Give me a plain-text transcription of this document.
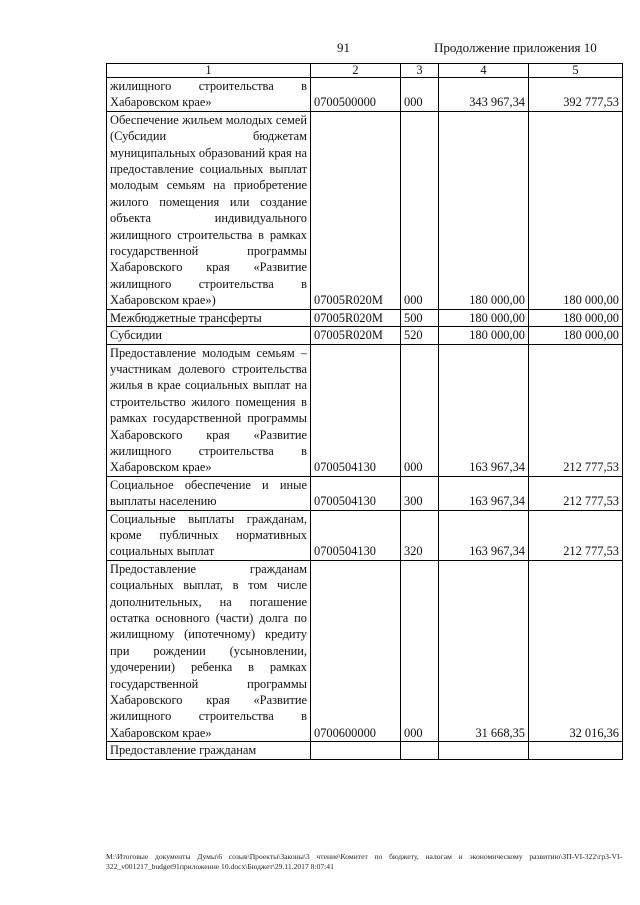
91	Продолжение приложения 10
1	2	3	4	5
жилищного строительства в Хабаровском крае»	0700500000	000	343 967,34	392 777,53
Обеспечение жильем молодых семей (Субсидии бюджетам муниципальных образований края на предоставление социальных выплат молодым семьям на приобретение жилого помещения или создание объекта индивидуального жилищного строительства в рамках государственной программы Хабаровского края «Развитие жилищного строительства в Хабаровском крае»)	07005R020M	000	180 000,00	180 000,00
Межбюджетные трансферты	07005R020M	500	180 000,00	180 000,00
Субсидии	07005R020M	520	180 000,00	180 000,00
Предоставление молодым семьям – участникам долевого строительства жилья в крае социальных выплат на строительство жилого помещения в рамках государственной программы Хабаровского края «Развитие жилищного строительства в Хабаровском крае»	0700504130	000	163 967,34	212 777,53
Социальное обеспечение и иные выплаты населению	0700504130	300	163 967,34	212 777,53
Социальные выплаты гражданам, кроме публичных нормативных социальных выплат	0700504130	320	163 967,34	212 777,53
Предоставление гражданам социальных выплат, в том числе дополнительных, на погашение остатка основного (части) долга по жилищному (ипотечному) кредиту при рождении (усыновлении, удочерении) ребенка в рамках государственной программы Хабаровского края «Развитие жилищного строительства в Хабаровском крае»	0700600000	000	31 668,35	32 016,36
Предоставление гражданам				
M:\Итоговые документы Думы\6 созыв\Проекты\Законы\3 чтение\Комитет по бюджету, налогам и экономическому развитию\ЗП-VI-322\гр3-VI-322_v001217_budget91приложение 10.docx\Бюджет\29.11.2017 8:07:41
